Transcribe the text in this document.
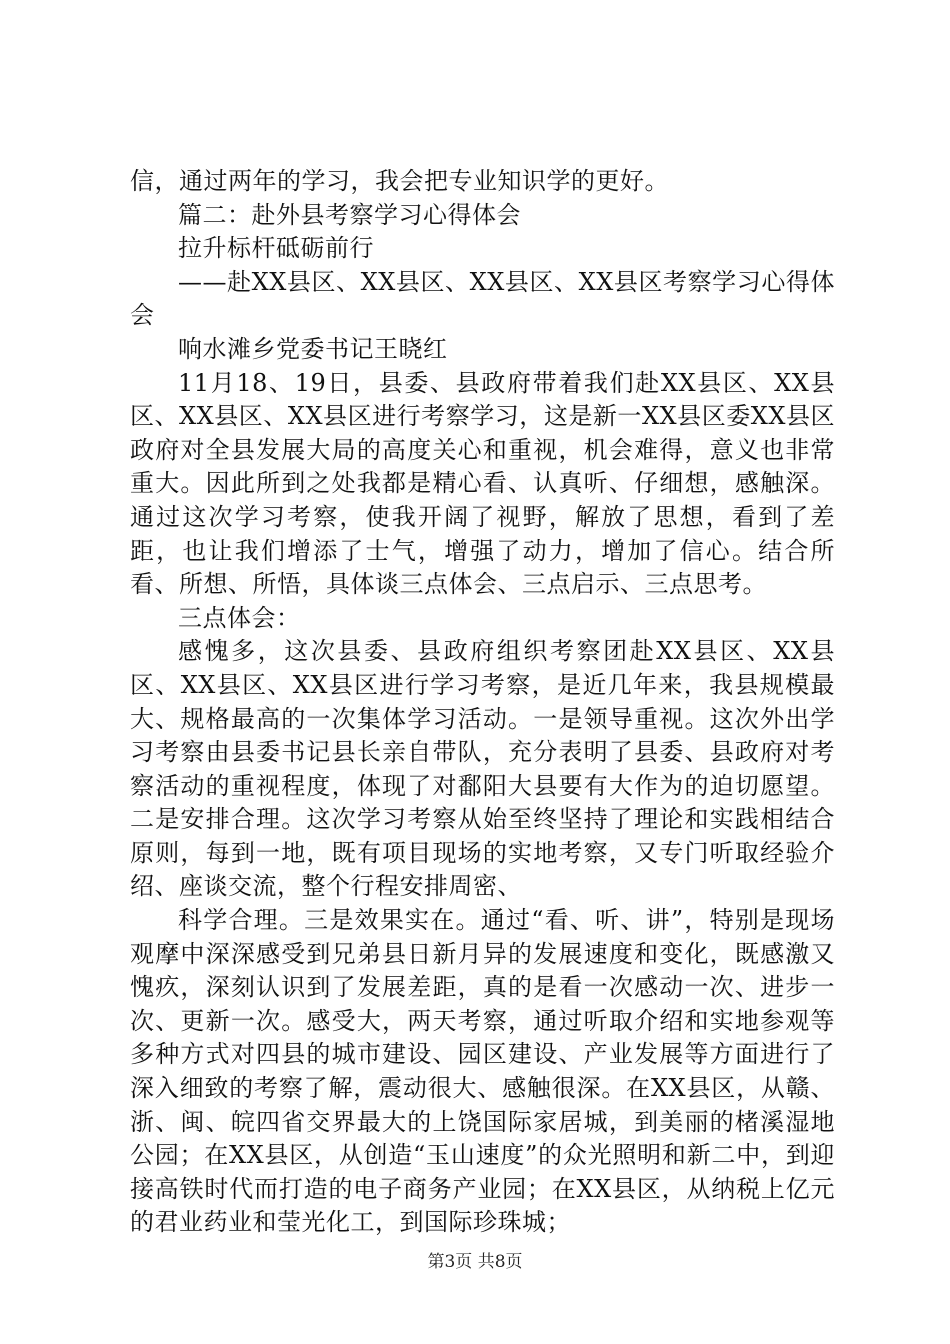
信，通过两年的学习，我会把专业知识学的更好。

篇二：赴外县考察学习心得体会

拉升标杆砥砺前行

——赴XX县区、XX县区、XX县区、XX县区考察学习心得体会

响水滩乡党委书记王晓红

11月18、19日，县委、县政府带着我们赴XX县区、XX县区、XX县区、XX县区进行考察学习，这是新一XX县区委XX县区政府对全县发展大局的高度关心和重视，机会难得，意义也非常重大。因此所到之处我都是精心看、认真听、仔细想，感触深。通过这次学习考察，使我开阔了视野，解放了思想，看到了差距，也让我们增添了士气，增强了动力，增加了信心。结合所看、所想、所悟，具体谈三点体会、三点启示、三点思考。

三点体会：

感愧多，这次县委、县政府组织考察团赴XX县区、XX县区、XX县区、XX县区进行学习考察，是近几年来，我县规模最大、规格最高的一次集体学习活动。一是领导重视。这次外出学习考察由县委书记县长亲自带队，充分表明了县委、县政府对考察活动的重视程度，体现了对鄱阳大县要有大作为的迫切愿望。二是安排合理。这次学习考察从始至终坚持了理论和实践相结合原则，每到一地，既有项目现场的实地考察，又专门听取经验介绍、座谈交流，整个行程安排周密、

科学合理。三是效果实在。通过“看、听、讲”，特别是现场观摩中深深感受到兄弟县日新月异的发展速度和变化，既感激又愧疚，深刻认识到了发展差距，真的是看一次感动一次、进步一次、更新一次。感受大，两天考察，通过听取介绍和实地参观等多种方式对四县的城市建设、园区建设、产业发展等方面进行了深入细致的考察了解，震动很大、感触很深。在XX县区，从赣、浙、闽、皖四省交界最大的上饶国际家居城，到美丽的楮溪湿地公园；在XX县区，从创造“玉山速度”的众光照明和新二中，到迎接高铁时代而打造的电子商务产业园；在XX县区，从纳税上亿元的君业药业和莹光化工，到国际珍珠城；

第3页 共8页
